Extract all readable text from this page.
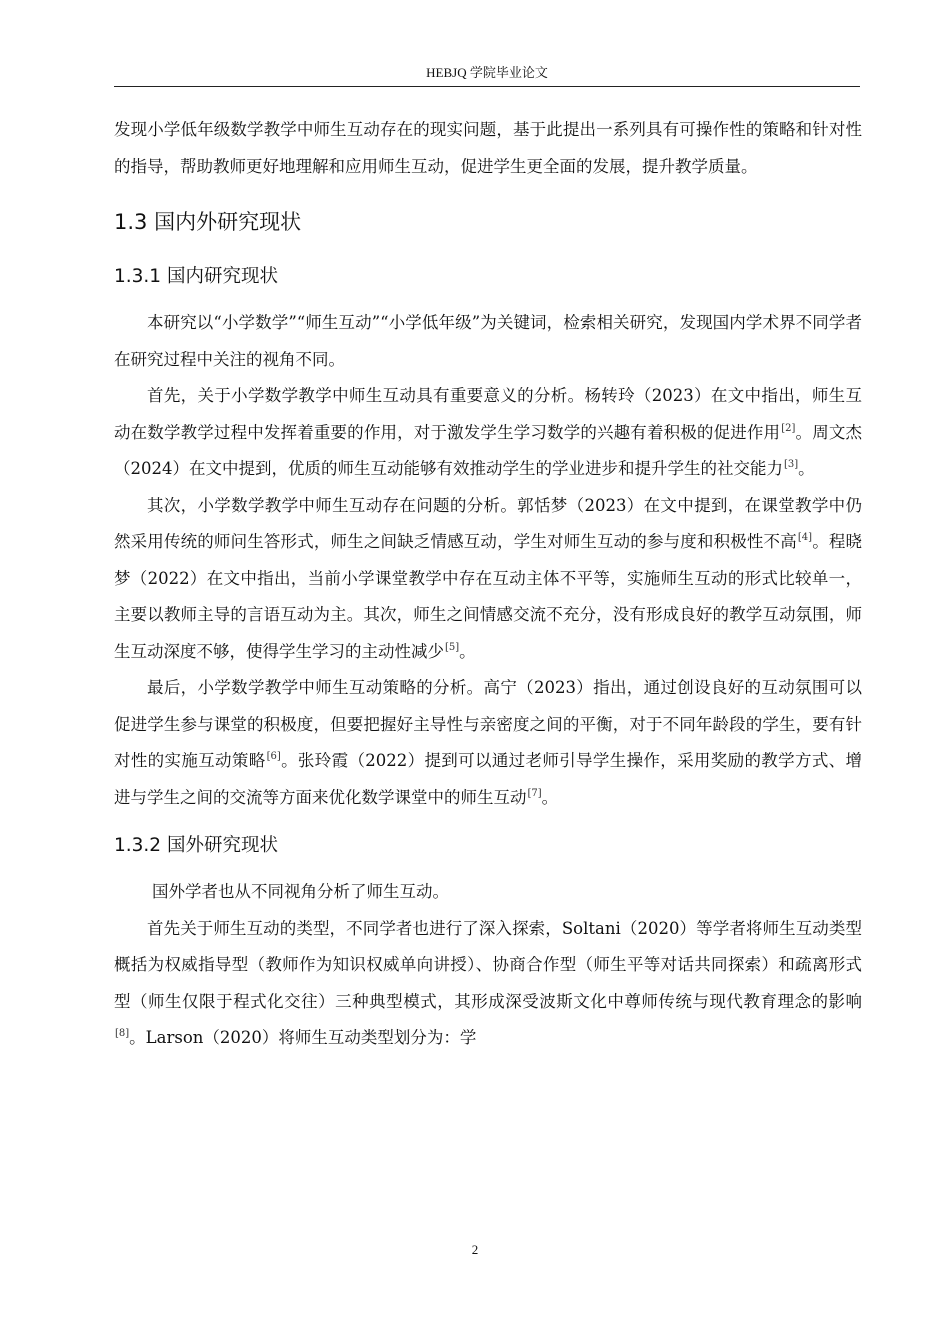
HEBJQ 学院毕业论文

发现小学低年级数学教学中师生互动存在的现实问题，基于此提出一系列具有可操作性的策略和针对性的指导，帮助教师更好地理解和应用师生互动，促进学生更全面的发展，提升教学质量。

1.3 国内外研究现状
1.3.1 国内研究现状

本研究以“小学数学”“师生互动”“小学低年级”为关键词，检索相关研究，发现国内学术界不同学者在研究过程中关注的视角不同。

首先，关于小学数学教学中师生互动具有重要意义的分析。杨转玲（2023）在文中指出，师生互动在数学教学过程中发挥着重要的作用，对于激发学生学习数学的兴趣有着积极的促进作用[2]。周文杰（2024）在文中提到，优质的师生互动能够有效推动学生的学业进步和提升学生的社交能力[3]。

其次，小学数学教学中师生互动存在问题的分析。郭恬梦（2023）在文中提到，在课堂教学中仍然采用传统的师问生答形式，师生之间缺乏情感互动，学生对师生互动的参与度和积极性不高[4]。程晓梦（2022）在文中指出，当前小学课堂教学中存在互动主体不平等，实施师生互动的形式比较单一，主要以教师主导的言语互动为主。其次，师生之间情感交流不充分，没有形成良好的教学互动氛围，师生互动深度不够，使得学生学习的主动性减少[5]。

最后，小学数学教学中师生互动策略的分析。高宁（2023）指出，通过创设良好的互动氛围可以促进学生参与课堂的积极度，但要把握好主导性与亲密度之间的平衡，对于不同年龄段的学生，要有针对性的实施互动策略[6]。张玲霞（2022）提到可以通过老师引导学生操作，采用奖励的教学方式、增进与学生之间的交流等方面来优化数学课堂中的师生互动[7]。

1.3.2 国外研究现状

国外学者也从不同视角分析了师生互动。

首先关于师生互动的类型，不同学者也进行了深入探索，Soltani（2020）等学者将师生互动类型概括为权威指导型（教师作为知识权威单向讲授）、协商合作型（师生平等对话共同探索）和疏离形式型（师生仅限于程式化交往）三种典型模式，其形成深受波斯文化中尊师传统与现代教育理念的影响[8]。Larson（2020）将师生互动类型划分为：学

2
